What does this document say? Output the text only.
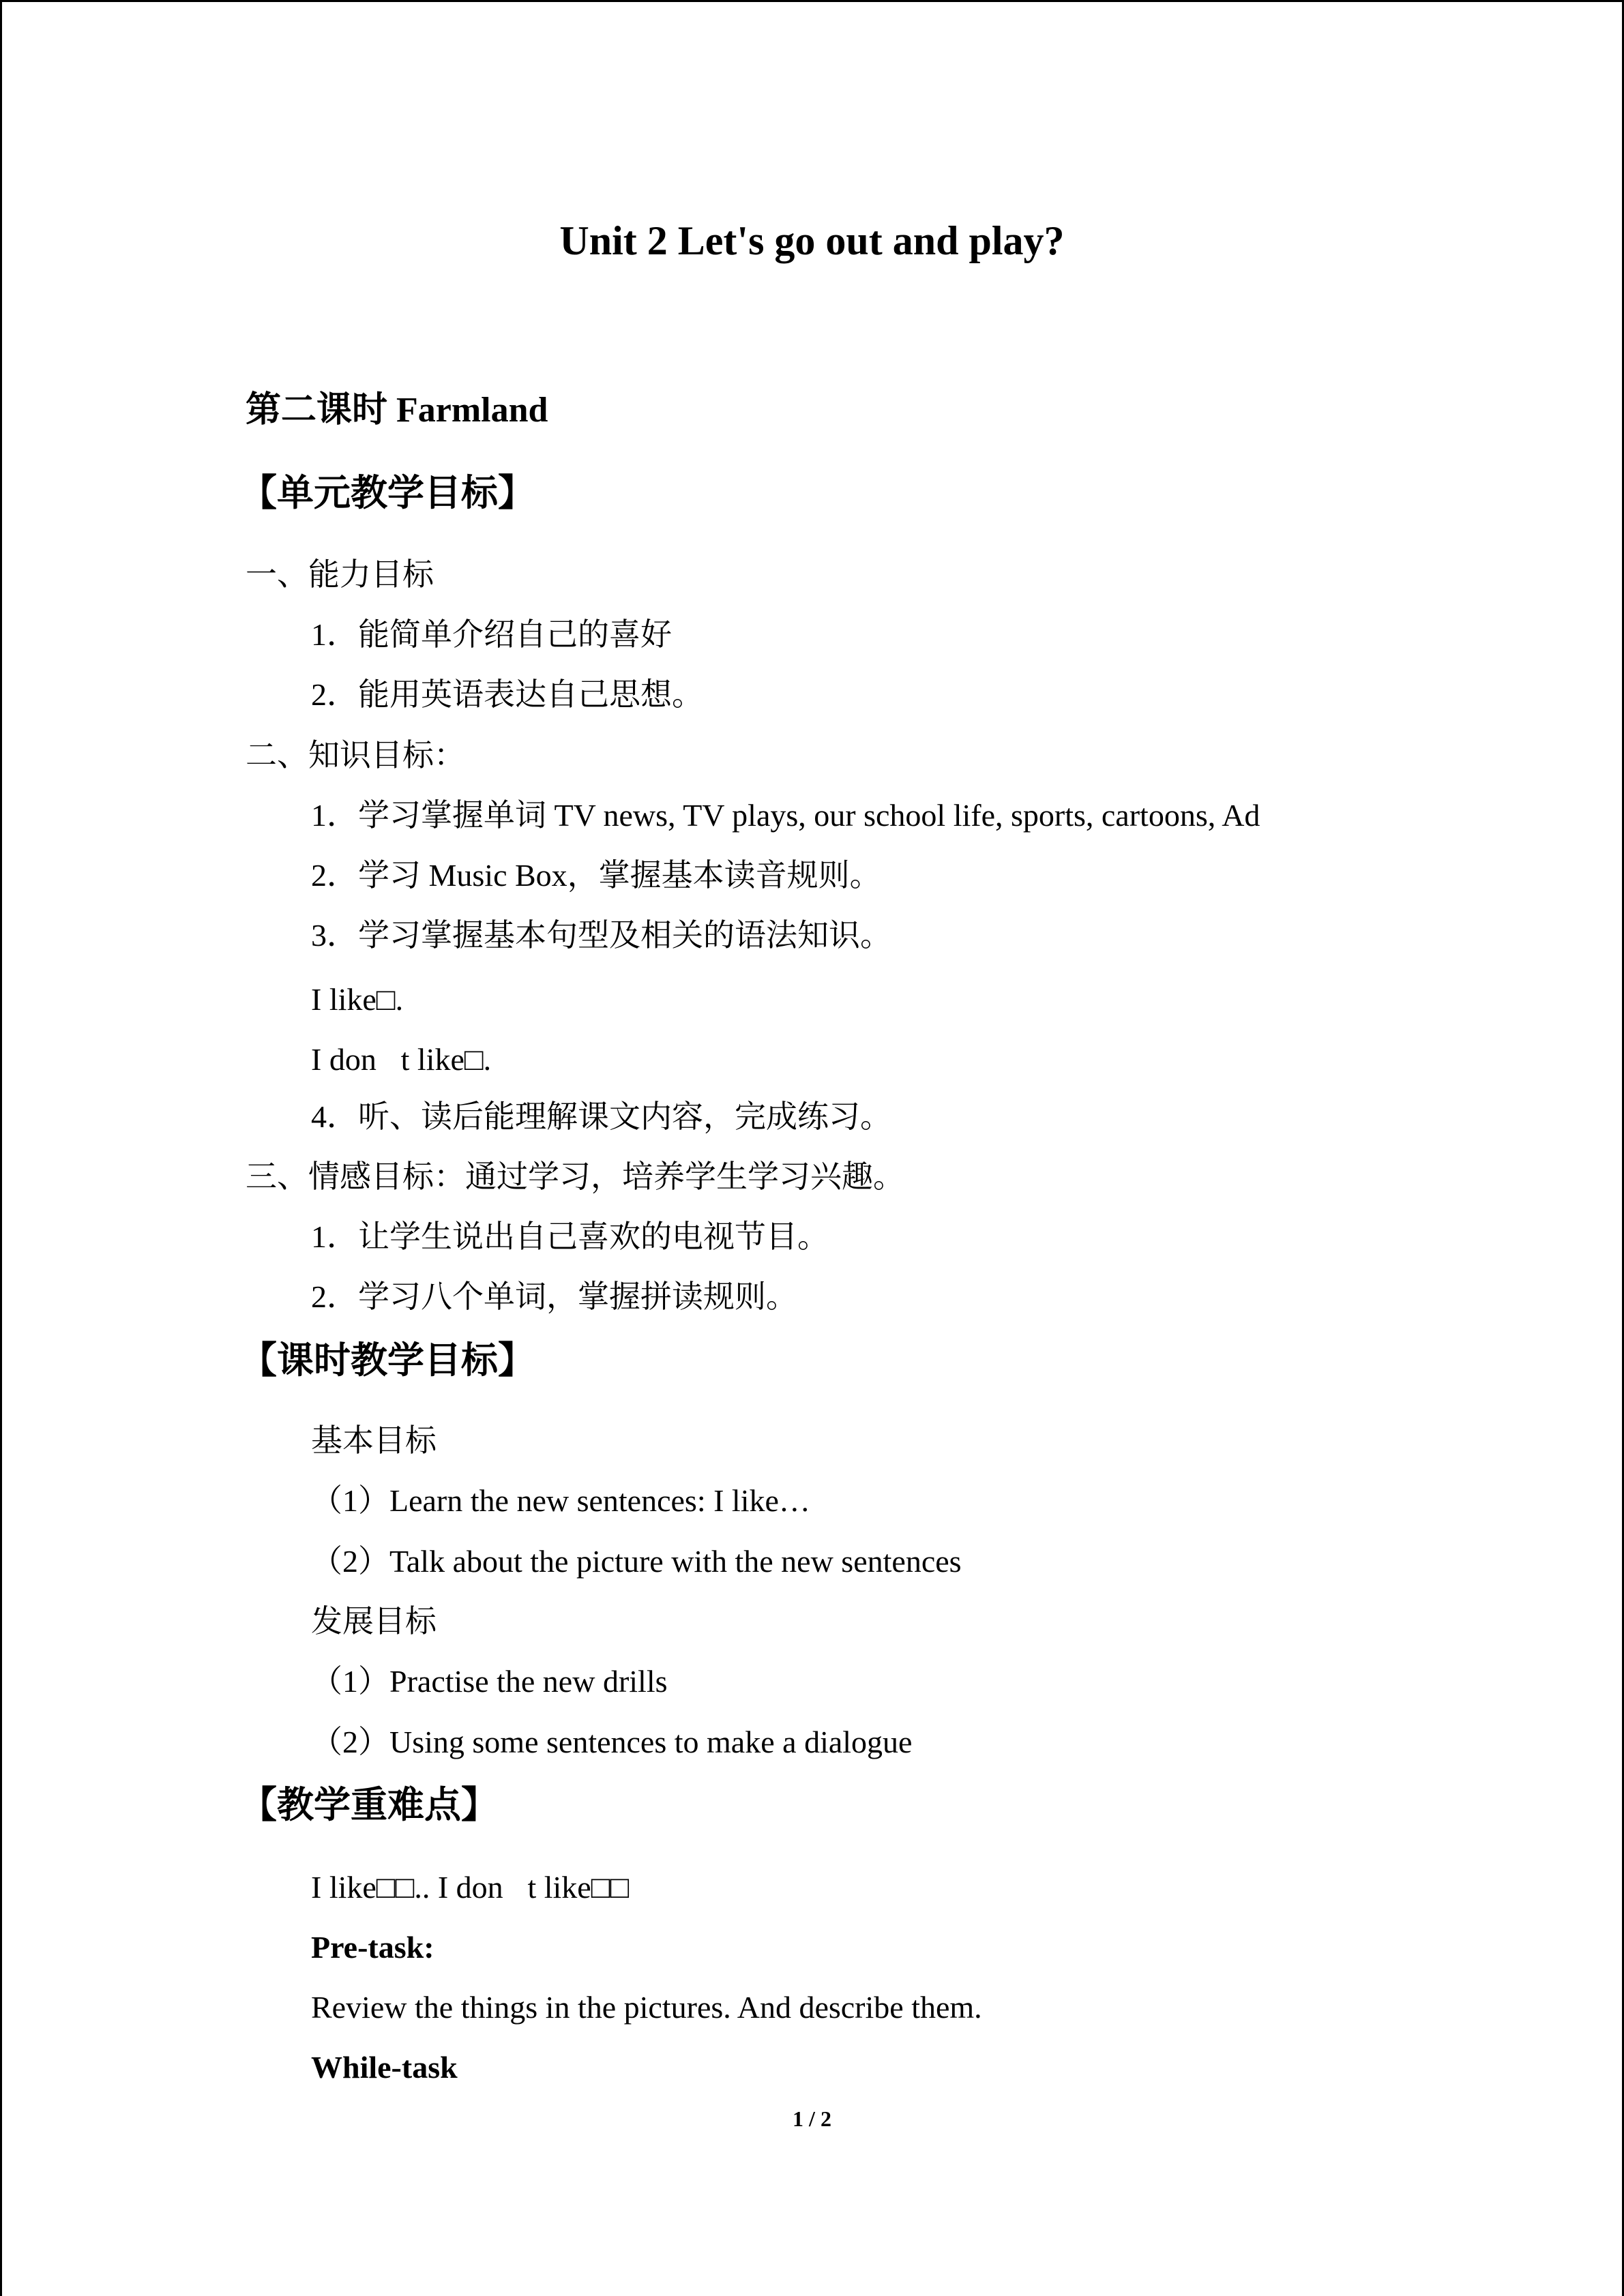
Unit 2 Let's go out and play?
第二课时 Farmland
【单元教学目标】
一、能力目标
1．能简单介绍自己的喜好
2．能用英语表达自己思想。
二、知识目标：
1．学习掌握单词 TV news, TV plays, our school life, sports, cartoons, Ad
2．学习 Music Box，掌握基本读音规则。
3．学习掌握基本句型及相关的语法知识。
I like□.
I don t like□.
4．听、读后能理解课文内容，完成练习。
三、情感目标：通过学习，培养学生学习兴趣。
1．让学生说出自己喜欢的电视节目。
2．学习八个单词，掌握拼读规则。
【课时教学目标】
基本目标
（1）Learn the new sentences: I like…
（2）Talk about the picture with the new sentences
发展目标
（1）Practise the new drills
（2）Using some sentences to make a dialogue
【教学重难点】
I like□□.. I don t like□□
Pre-task:
Review the things in the pictures. And describe them.
While-task
1 / 2
